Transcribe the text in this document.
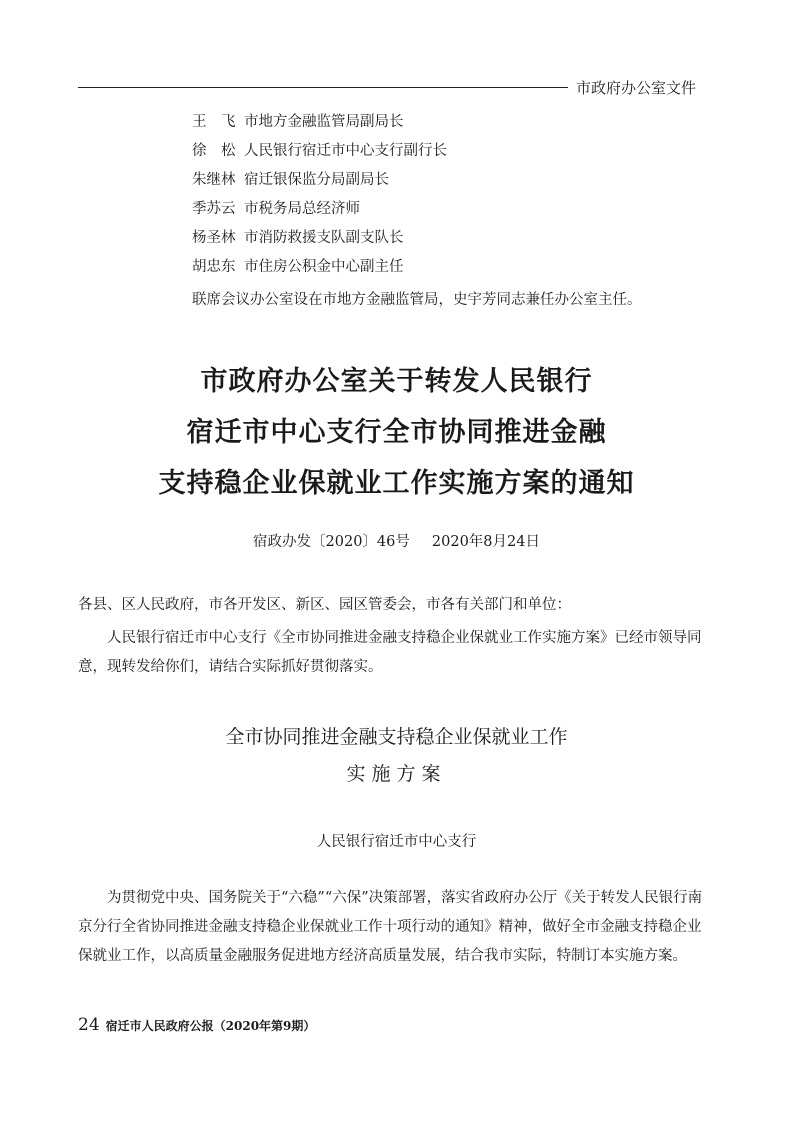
市政府办公室文件
王　飞 市地方金融监管局副局长
徐　松 人民银行宿迁市中心支行副行长
朱继林 宿迁银保监分局副局长
季苏云 市税务局总经济师
杨圣林 市消防救援支队副支队长
胡忠东 市住房公积金中心副主任
联席会议办公室设在市地方金融监管局，史宇芳同志兼任办公室主任。
市政府办公室关于转发人民银行
宿迁市中心支行全市协同推进金融
支持稳企业保就业工作实施方案的通知
宿政办发〔2020〕46号 2020年8月24日
各县、区人民政府，市各开发区、新区、园区管委会，市各有关部门和单位：
人民银行宿迁市中心支行《全市协同推进金融支持稳企业保就业工作实施方案》已经市领导同意，现转发给你们，请结合实际抓好贯彻落实。
全市协同推进金融支持稳企业保就业工作
实施方案
人民银行宿迁市中心支行
为贯彻党中央、国务院关于“六稳”“六保”决策部署，落实省政府办公厅《关于转发人民银行南京分行全省协同推进金融支持稳企业保就业工作十项行动的通知》精神，做好全市金融支持稳企业保就业工作，以高质量金融服务促进地方经济高质量发展，结合我市实际，特制订本实施方案。
24 宿迁市人民政府公报（2020年第9期）
